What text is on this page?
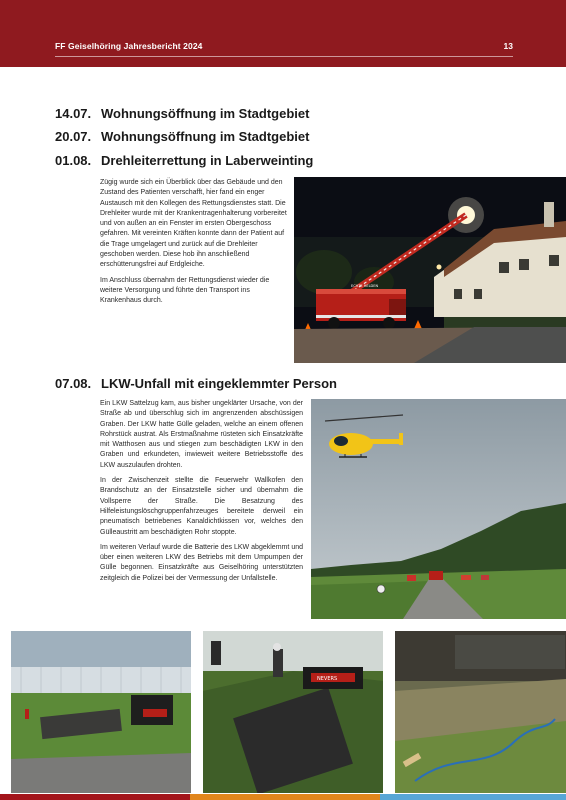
FF Geiselhöring Jahresbericht 2024	13
14.07. Wohnungsöffnung im Stadtgebiet
20.07. Wohnungsöffnung im Stadtgebiet
01.08. Drehleiterrettung in Laberweinting

Zügig wurde sich ein Überblick über das Gebäude und den Zustand des Patienten verschafft, hier fand ein enger Austausch mit den Kollegen des Rettungsdienstes statt. Die Drehleiter wurde mit der Krankentragenhalterung vorbereitet und von außen an ein Fenster im ersten Obergeschoss gefahren. Mit vereinten Kräften konnte dann der Patient auf die Trage umgelagert und zurück auf die Drehleiter geschoben werden. Diese hob ihn anschließend erschütterungsfrei auf Erdgleiche.

Im Anschluss übernahm der Rettungsdienst wieder die weitere Versorgung und führte den Transport ins Krankenhaus durch.

ECHTE HELDEN
07.08. LKW-Unfall mit eingeklemmter Person

Ein LKW Sattelzug kam, aus bisher ungeklärter Ursache, von der Straße ab und überschlug sich im angrenzenden abschüssigen Graben. Der LKW hatte Gülle geladen, welche an einem offenen Rohrstück austrat. Als Erstmaßnahme rüsteten sich Einsatzkräfte mit Watthosen aus und stiegen zum beschädigten LKW in den Graben und erkundeten, inwieweit weitere Betriebsstoffe des LKW auszulaufen drohten.

In der Zwischenzeit stellte die Feuerwehr Wallkofen den Brandschutz an der Einsatzstelle sicher und übernahm die Vollsperre der Straße. Die Besatzung des Hilfeleistungslöschgruppenfahrzeuges bereitete derweil ein pneumatisch betriebenes Kanaldichtkissen vor, welches den Gülleaustritt am beschädigten Rohr stoppte.

Im weiteren Verlauf wurde die Batterie des LKW abgeklemmt und über einen weiteren LKW des Betriebs mit dem Umpumpen der Gülle begonnen. Einsatzkräfte aus Geiselhöring unterstützten zeitgleich die Polizei bei der Vermessung der Unfallstelle.

NEVERS
